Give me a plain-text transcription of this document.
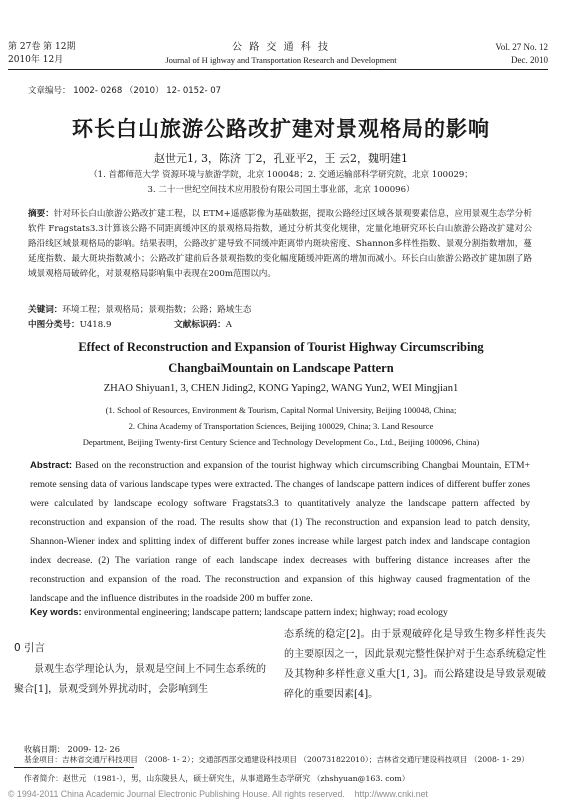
第 27卷 第 12期
2010年 12月
公 路 交 通 科 技
Journal of H ighway and Transportation Research and Development
Vol. 27 No. 12
Dec. 2010
文章编号： 1002- 0268 （2010） 12- 0152- 07
环长白山旅游公路改扩建对景观格局的影响
赵世元1, 3，陈济 丁2，孔亚平2，王 云2，魏明建1
（1. 首都师范大学 资源环境与旅游学院，北京 100048；2. 交通运输部科学研究院，北京 100029；
3. 二十一世纪空间技术应用股份有限公司国土事业部，北京 100096）
摘要：针对环长白山旅游公路改扩建工程，以 ETM+遥感影像为基础数据，提取公路经过区域各景观要素信息，应用景观生态学分析软件 Fragstats3.3计算该公路不同距离缓冲区的景观格局指数，通过分析其变化规律，定量化地研究环长白山旅游公路改扩建对公路沿线区域景观格局的影响。结果表明，公路改扩建导致不同缓冲距离带内斑块密度、Shannon多样性指数、景观分割指数增加，蔓延度指数、最大斑块指数减小；公路改扩建前后各景观指数的变化幅度随缓冲距离的增加而减小。环长白山旅游公路改扩建加剧了路域景观格局破碎化，对景观格局影响集中表现在200m范围以内。
关键词：环境工程；景观格局；景观指数；公路；路域生态
中图分类号：U418.9	文献标识码：A
Effect of Reconstruction and Expansion of Tourist Highway Circumscribing
ChangbaiMountain on Landscape Pattern
ZHAO Shiyuan1, 3, CHEN Jiding2, KONG Yaping2, WANG Yun2, WEI Mingjian1
(1. School of Resources, Environment & Tourism, Capital Normal University, Beijing 100048, China;
2. China Academy of Transportation Sciences, Beijing 100029, China; 3. Land Resource
Department, Beijing Twenty-first Century Science and Technology Development Co., Ltd., Beijing 100096, China)
Abstract: Based on the reconstruction and expansion of the tourist highway which circumscribing Changbai Mountain, ETM+ remote sensing data of various landscape types were extracted. The changes of landscape pattern indices of different buffer zones were calculated by landscape ecology software Fragstats3.3 to quantitatively analyze the landscape pattern affected by reconstruction and expansion of the road. The results show that (1) The reconstruction and expansion lead to patch density, Shannon-Wiener index and splitting index of different buffer zones increase while largest patch index and landscape contagion index decrease. (2) The variation range of each landscape index decreases with buffering distance increases after the reconstruction and expansion of the road. The reconstruction and expansion of this highway caused fragmentation of the landscape and the influence distributes in the roadside 200 m buffer zone.
Key words: environmental engineering; landscape pattern; landscape pattern index; highway; road ecology
0 引言
景观生态学理论认为，景观是空间上不同生态系统的聚合[1]，景观受到外界扰动时，会影响到生
态系统的稳定[2]。由于景观破碎化是导致生物多样性丧失的主要原因之一，因此景观完整性保护对于生态系统稳定性及其物种多样性意义重大[1, 3]。而公路建设是导致景观破碎化的重要因素[4]。
收稿日期： 2009- 12- 26
基金项目：吉林省交通厅科技项目 （2008- 1- 2）；交通部西部交通建设科技项目 （200731822010）；吉林省交通厅建设科技项目 （2008- 1- 29）
作者简介：赵世元 （1981-），男，山东陵县人，硕士研究生，从事道路生态学研究 （zhshyuan@163. com）
© 1994-2011 China Academic Journal Electronic Publishing House. All rights reserved.    http://www.cnki.net
